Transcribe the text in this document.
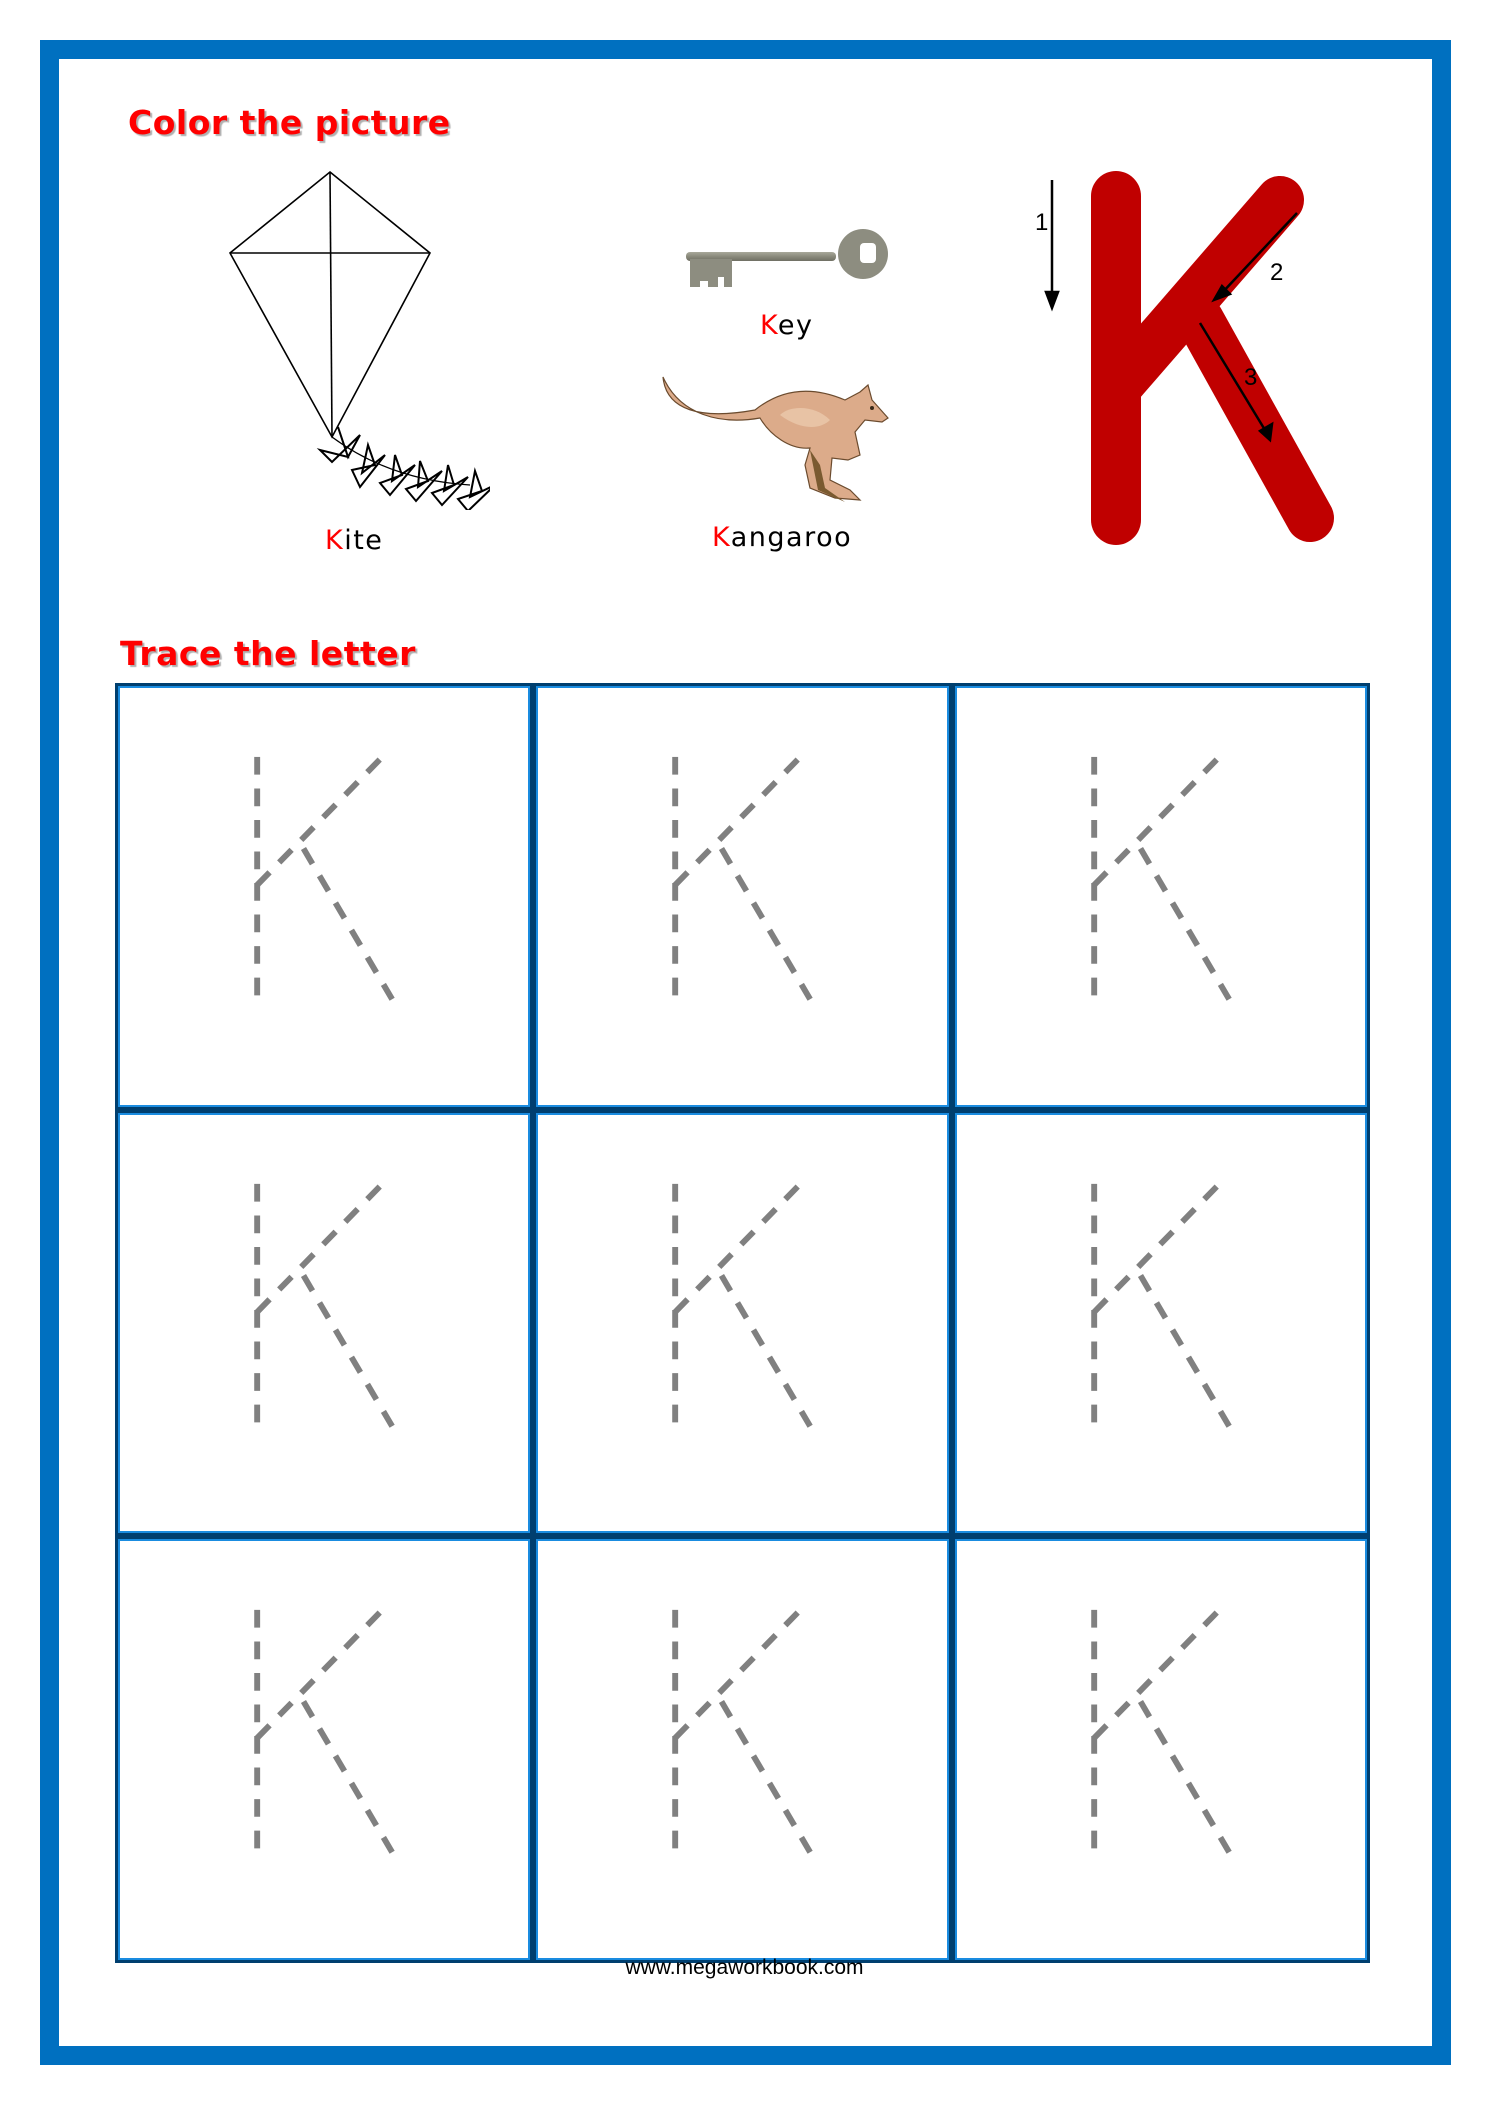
Color the picture
Kite
Key
Kangaroo
1
2
3
Trace the letter
www.megaworkbook.com
